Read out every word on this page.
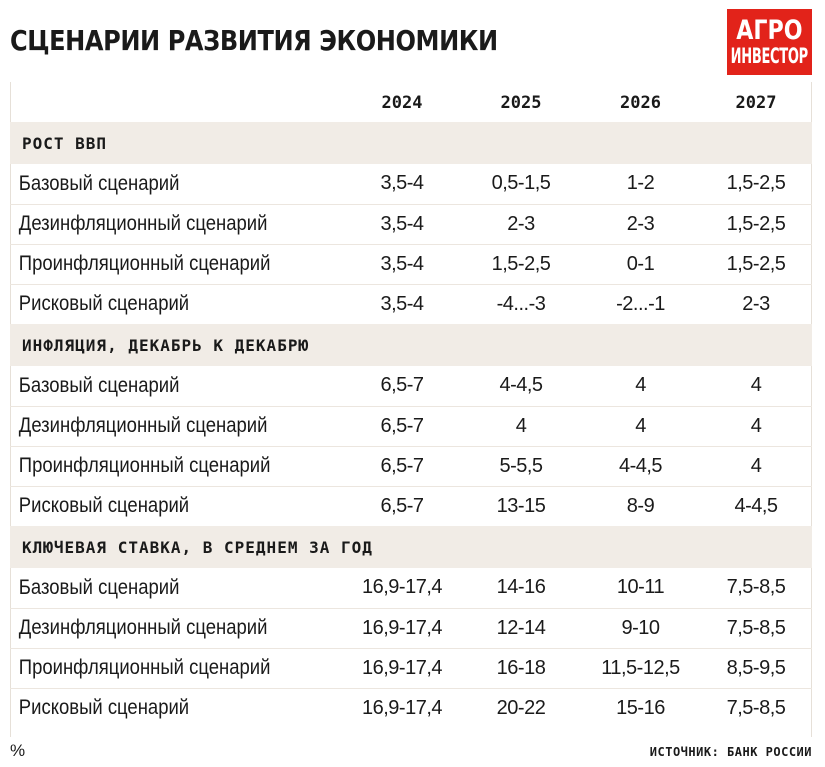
СЦЕНАРИИ РАЗВИТИЯ ЭКОНОМИКИ	АГРО
ИНВЕСТОР
	2024	2025	2026	2027
РОСТ ВВП				
Базовый сценарий	3,5-4	0,5-1,5	1-2	1,5-2,5
Дезинфляционный сценарий	3,5-4	2-3	2-3	1,5-2,5
Проинфляционный сценарий	3,5-4	1,5-2,5	0-1	1,5-2,5
Рисковый сценарий	3,5-4	-4...-3	-2...-1	2-3
ИНФЛЯЦИЯ, ДЕКАБРЬ К ДЕКАБРЮ				
Базовый сценарий	6,5-7	4-4,5	4	4
Дезинфляционный сценарий	6,5-7	4	4	4
Проинфляционный сценарий	6,5-7	5-5,5	4-4,5	4
Рисковый сценарий	6,5-7	13-15	8-9	4-4,5
КЛЮЧЕВАЯ СТАВКА, В СРЕДНЕМ ЗА ГОД				
Базовый сценарий	16,9-17,4	14-16	10-11	7,5-8,5
Дезинфляционный сценарий	16,9-17,4	12-14	9-10	7,5-8,5
Проинфляционный сценарий	16,9-17,4	16-18	11,5-12,5	8,5-9,5
Рисковый сценарий	16,9-17,4	20-22	15-16	7,5-8,5
%	ИСТОЧНИК: БАНК РОССИИ
